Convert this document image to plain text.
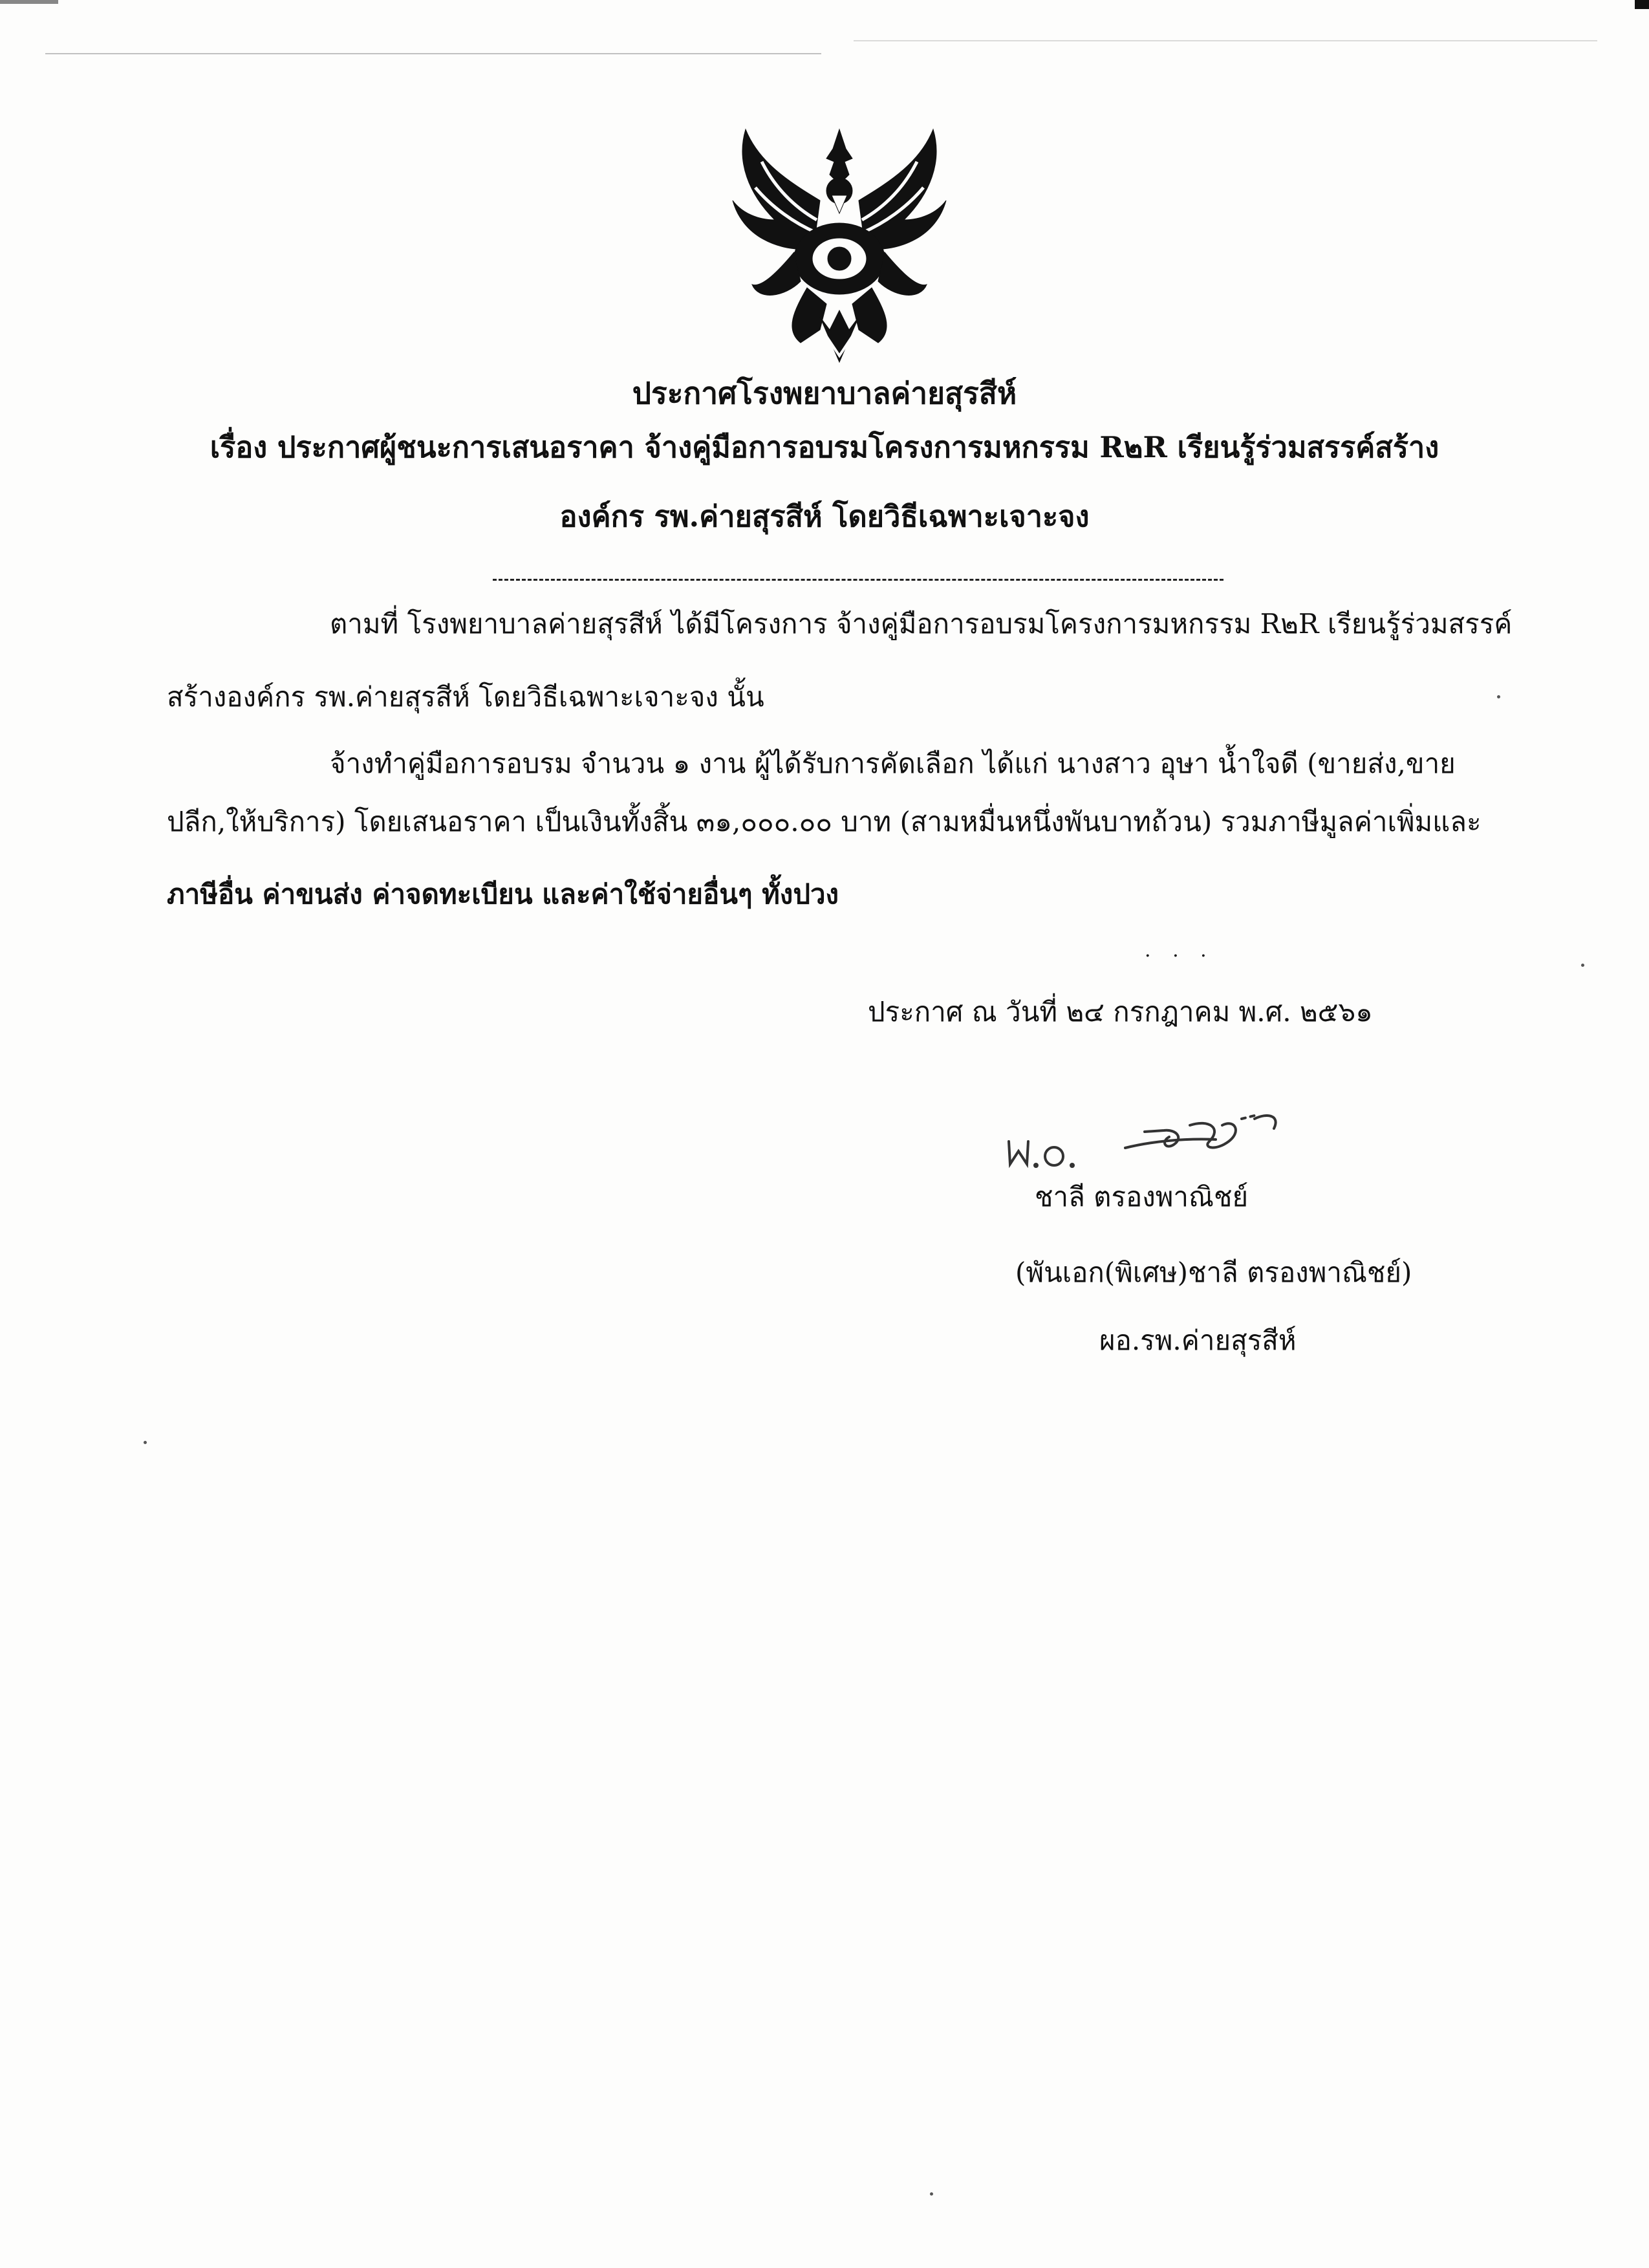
ประกาศโรงพยาบาลค่ายสุรสีห์
เรื่อง ประกาศผู้ชนะการเสนอราคา จ้างคู่มือการอบรมโครงการมหกรรม R๒R เรียนรู้ร่วมสรรค์สร้าง
องค์กร รพ.ค่ายสุรสีห์ โดยวิธีเฉพาะเจาะจง
ตามที่ โรงพยาบาลค่ายสุรสีห์ ได้มีโครงการ จ้างคู่มือการอบรมโครงการมหกรรม R๒R เรียนรู้ร่วมสรรค์
สร้างองค์กร รพ.ค่ายสุรสีห์ โดยวิธีเฉพาะเจาะจง นั้น
จ้างทำคู่มือการอบรม จำนวน ๑ งาน ผู้ได้รับการคัดเลือก ได้แก่ นางสาว อุษา น้ำใจดี (ขายส่ง,ขาย
ปลีก,ให้บริการ) โดยเสนอราคา เป็นเงินทั้งสิ้น ๓๑,๐๐๐.๐๐ บาท (สามหมื่นหนึ่งพันบาทถ้วน) รวมภาษีมูลค่าเพิ่มและ
ภาษีอื่น ค่าขนส่ง ค่าจดทะเบียน และค่าใช้จ่ายอื่นๆ ทั้งปวง
. . .
ประกาศ ณ วันที่ ๒๔ กรกฎาคม พ.ศ. ๒๕๖๑
ชาลี ตรองพาณิชย์
(พันเอก(พิเศษ)ชาลี ตรองพาณิชย์)
ผอ.รพ.ค่ายสุรสีห์
